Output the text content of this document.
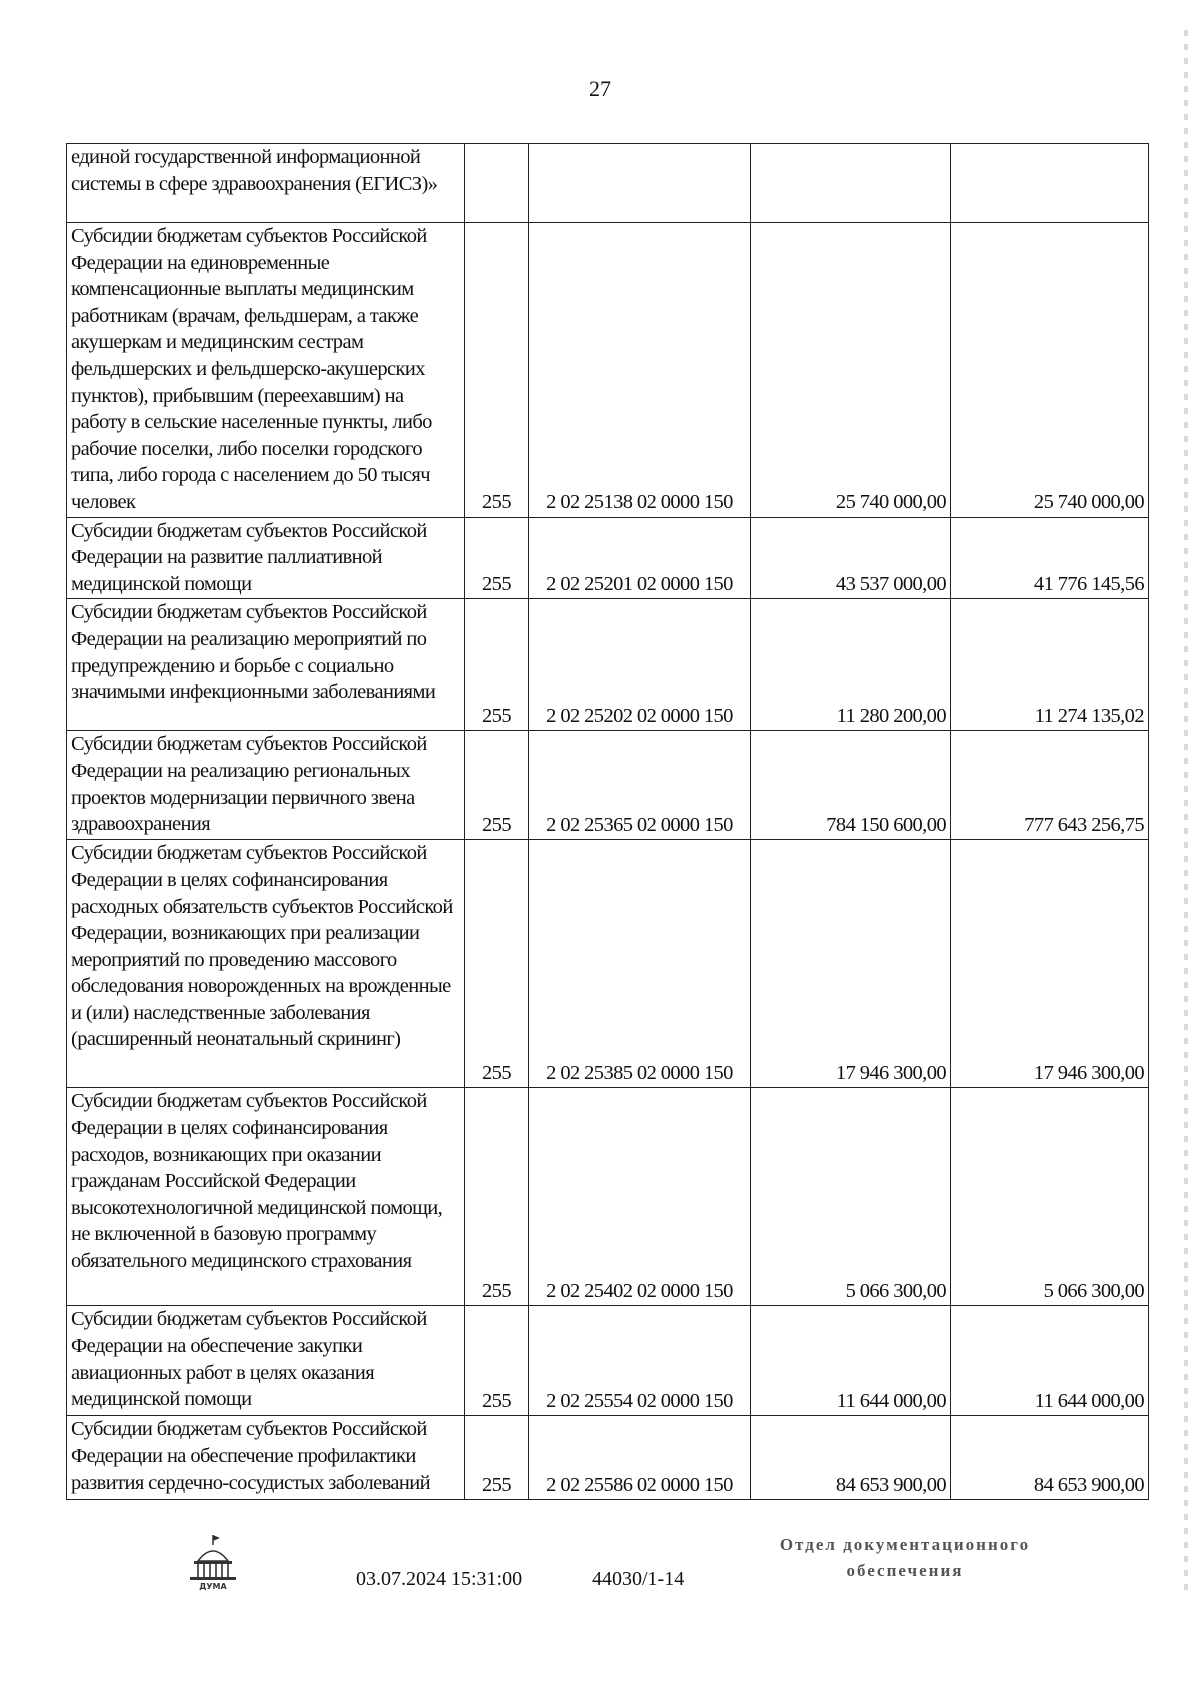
27
единой государственной информационной системы в сфере здравоохранения (ЕГИСЗ)»				
Субсидии бюджетам субъектов Российской Федерации на единовременные компенсационные выплаты медицинским работникам (врачам, фельдшерам, а также акушеркам и медицинским сестрам фельдшерских и фельдшерско-акушерских пунктов), прибывшим (переехавшим) на работу в сельские населенные пункты, либо рабочие поселки, либо поселки городского типа, либо города с населением до 50 тысяч человек	255	2 02 25138 02 0000 150	25 740 000,00	25 740 000,00
Субсидии бюджетам субъектов Российской Федерации на развитие паллиативной медицинской помощи	255	2 02 25201 02 0000 150	43 537 000,00	41 776 145,56
Субсидии бюджетам субъектов Российской Федерации на реализацию мероприятий по предупреждению и борьбе с социально значимыми инфекционными заболеваниями	255	2 02 25202 02 0000 150	11 280 200,00	11 274 135,02
Субсидии бюджетам субъектов Российской Федерации на реализацию региональных проектов модернизации первичного звена здравоохранения	255	2 02 25365 02 0000 150	784 150 600,00	777 643 256,75
Субсидии бюджетам субъектов Российской Федерации в целях софинансирования расходных обязательств субъектов Российской Федерации, возникающих при реализации мероприятий по проведению массового обследования новорожденных на врожденные и (или) наследственные заболевания (расширенный неонатальный скрининг)	255	2 02 25385 02 0000 150	17 946 300,00	17 946 300,00
Субсидии бюджетам субъектов Российской Федерации в целях софинансирования расходов, возникающих при оказании гражданам Российской Федерации высокотехнологичной медицинской помощи, не включенной в базовую программу обязательного медицинского страхования	255	2 02 25402 02 0000 150	5 066 300,00	5 066 300,00
Субсидии бюджетам субъектов Российской Федерации на обеспечение закупки авиационных работ в целях оказания медицинской помощи	255	2 02 25554 02 0000 150	11 644 000,00	11 644 000,00
Субсидии бюджетам субъектов Российской Федерации на обеспечение профилактики развития сердечно-сосудистых заболеваний	255	2 02 25586 02 0000 150	84 653 900,00	84 653 900,00
ДУМА	03.07.2024 15:31:00	44030/1-14
Отдел документационного
обеспечения
